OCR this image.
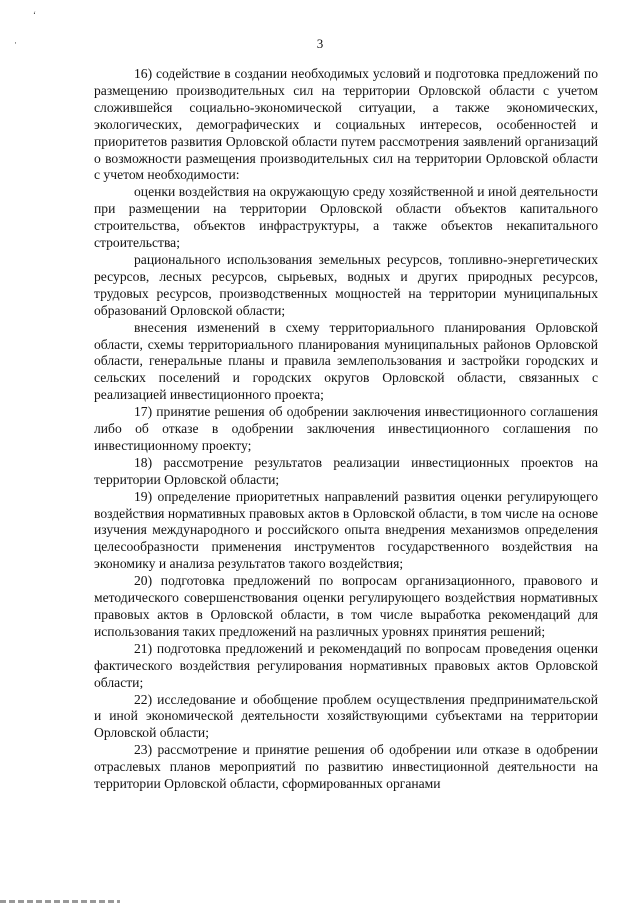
ʻ
·	3

16) содействие в создании необходимых условий и подготовка предложений по размещению производительных сил на территории Орловской области с учетом сложившейся социально-экономической ситуации, а также экономических, экологических, демографических и социальных интересов, особенностей и приоритетов развития Орловской области путем рассмотрения заявлений организаций о возможности размещения производительных сил на территории Орловской области с учетом необходимости:

оценки воздействия на окружающую среду хозяйственной и иной деятельности при размещении на территории Орловской области объектов капитального строительства, объектов инфраструктуры, а также объектов некапитального строительства;

рационального использования земельных ресурсов, топливно-энергетических ресурсов, лесных ресурсов, сырьевых, водных и других природных ресурсов, трудовых ресурсов, производственных мощностей на территории муниципальных образований Орловской области;

внесения изменений в схему территориального планирования Орловской области, схемы территориального планирования муниципальных районов Орловской области, генеральные планы и правила землепользования и застройки городских и сельских поселений и городских округов Орловской области, связанных с реализацией инвестиционного проекта;

17) принятие решения об одобрении заключения инвестиционного соглашения либо об отказе в одобрении заключения инвестиционного соглашения по инвестиционному проекту;

18) рассмотрение результатов реализации инвестиционных проектов на территории Орловской области;

19) определение приоритетных направлений развития оценки регулирующего воздействия нормативных правовых актов в Орловской области, в том числе на основе изучения международного и российского опыта внедрения механизмов определения целесообразности применения инструментов государственного воздействия на экономику и анализа результатов такого воздействия;

20) подготовка предложений по вопросам организационного, правового и методического совершенствования оценки регулирующего воздействия нормативных правовых актов в Орловской области, в том числе выработка рекомендаций для использования таких предложений на различных уровнях принятия решений;

21) подготовка предложений и рекомендаций по вопросам проведения оценки фактического воздействия регулирования нормативных правовых актов Орловской области;

22) исследование и обобщение проблем осуществления предпринимательской и иной экономической деятельности хозяйствующими субъектами на территории Орловской области;

23) рассмотрение и принятие решения об одобрении или отказе в одобрении отраслевых планов мероприятий по развитию инвестиционной деятельности на территории Орловской области, сформированных органами
